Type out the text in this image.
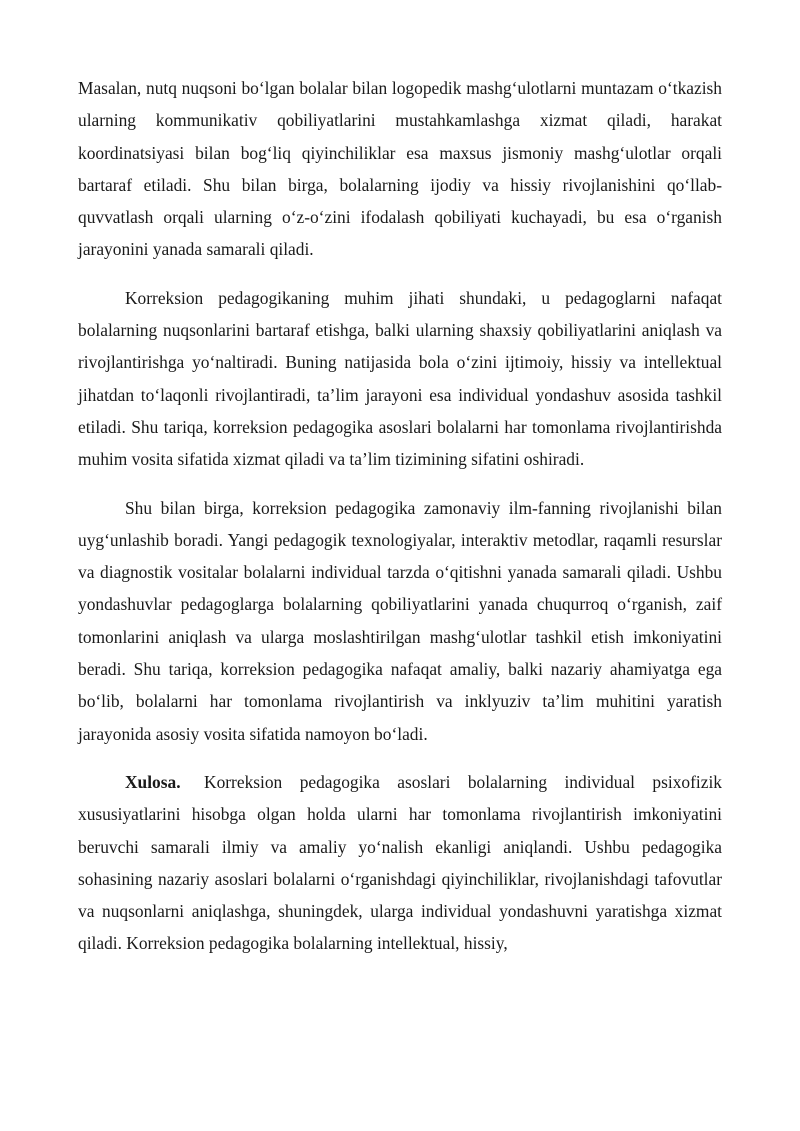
Masalan, nutq nuqsoni bo‘lgan bolalar bilan logopedik mashg‘ulotlarni muntazam o‘tkazish ularning kommunikativ qobiliyatlarini mustahkamlashga xizmat qiladi, harakat koordinatsiyasi bilan bog‘liq qiyinchiliklar esa maxsus jismoniy mashg‘ulotlar orqali bartaraf etiladi. Shu bilan birga, bolalarning ijodiy va hissiy rivojlanishini qo‘llab-quvvatlash orqali ularning o‘z-o‘zini ifodalash qobiliyati kuchayadi, bu esa o‘rganish jarayonini yanada samarali qiladi.

Korreksion pedagogikaning muhim jihati shundaki, u pedagoglarni nafaqat bolalarning nuqsonlarini bartaraf etishga, balki ularning shaxsiy qobiliyatlarini aniqlash va rivojlantirishga yo‘naltiradi. Buning natijasida bola o‘zini ijtimoiy, hissiy va intellektual jihatdan to‘laqonli rivojlantiradi, ta’lim jarayoni esa individual yondashuv asosida tashkil etiladi. Shu tariqa, korreksion pedagogika asoslari bolalarni har tomonlama rivojlantirishda muhim vosita sifatida xizmat qiladi va ta’lim tizimining sifatini oshiradi.

Shu bilan birga, korreksion pedagogika zamonaviy ilm-fanning rivojlanishi bilan uyg‘unlashib boradi. Yangi pedagogik texnologiyalar, interaktiv metodlar, raqamli resurslar va diagnostik vositalar bolalarni individual tarzda o‘qitishni yanada samarali qiladi. Ushbu yondashuvlar pedagoglarga bolalarning qobiliyatlarini yanada chuqurroq o‘rganish, zaif tomonlarini aniqlash va ularga moslashtirilgan mashg‘ulotlar tashkil etish imkoniyatini beradi. Shu tariqa, korreksion pedagogika nafaqat amaliy, balki nazariy ahamiyatga ega bo‘lib, bolalarni har tomonlama rivojlantirish va inklyuziv ta’lim muhitini yaratish jarayonida asosiy vosita sifatida namoyon bo‘ladi.

Xulosa. Korreksion pedagogika asoslari bolalarning individual psixofizik xususiyatlarini hisobga olgan holda ularni har tomonlama rivojlantirish imkoniyatini beruvchi samarali ilmiy va amaliy yo‘nalish ekanligi aniqlandi. Ushbu pedagogika sohasining nazariy asoslari bolalarni o‘rganishdagi qiyinchiliklar, rivojlanishdagi tafovutlar va nuqsonlarni aniqlashga, shuningdek, ularga individual yondashuvni yaratishga xizmat qiladi. Korreksion pedagogika bolalarning intellektual, hissiy,
